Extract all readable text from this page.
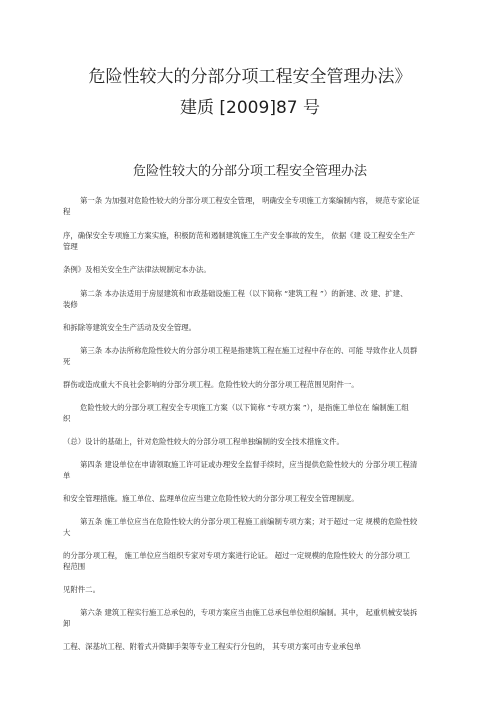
危险性较大的分部分项工程安全管理办法》
建质 [2009]87 号
危险性较大的分部分项工程安全管理办法
第一条 为加强对危险性较大的分部分项工程安全管理， 明确安全专项施工方案编制内容， 规范专家论证
程
序，确保安全专项施工方案实施，积极防范和遏制建筑施工生产安全事故的发生， 依据《建 设工程安全生产
管理
条例》及相关安全生产法律法规制定本办法。
第二条 本办法适用于房屋建筑和市政基础设施工程（以下简称 “建筑工程 ”）的新建、改 建、扩建、
装修
和拆除等建筑安全生产活动及安全管理。
第三条 本办法所称危险性较大的分部分项工程是指建筑工程在施工过程中存在的、可能 导致作业人员群
死
群伤或造成重大不良社会影响的分部分项工程。危险性较大的分部分项工程范围见附件一。
危险性较大的分部分项工程安全专项施工方案（以下简称 “专项方案 ”），是指施工单位在 编制施工组
织
（总）设计的基础上，针对危险性较大的分部分项工程单独编制的安全技术措施文件。
第四条 建设单位在申请领取施工许可证或办理安全监督手续时，应当提供危险性较大的 分部分项工程清
单
和安全管理措施。施工单位、监理单位应当建立危险性较大的分部分项工程安全管理制度。
第五条 施工单位应当在危险性较大的分部分项工程施工前编制专项方案；对于超过一定 规模的危险性较
大
的分部分项工程， 施工单位应当组织专家对专项方案进行论证。 超过一定规模的危险性较大 的分部分项工
程范围
见附件二。
第六条 建筑工程实行施工总承包的，专项方案应当由施工总承包单位组织编制。其中， 起重机械安装拆
卸
工程、深基坑工程、附着式升降脚手架等专业工程实行分包的， 其专项方案可由专业承包单
